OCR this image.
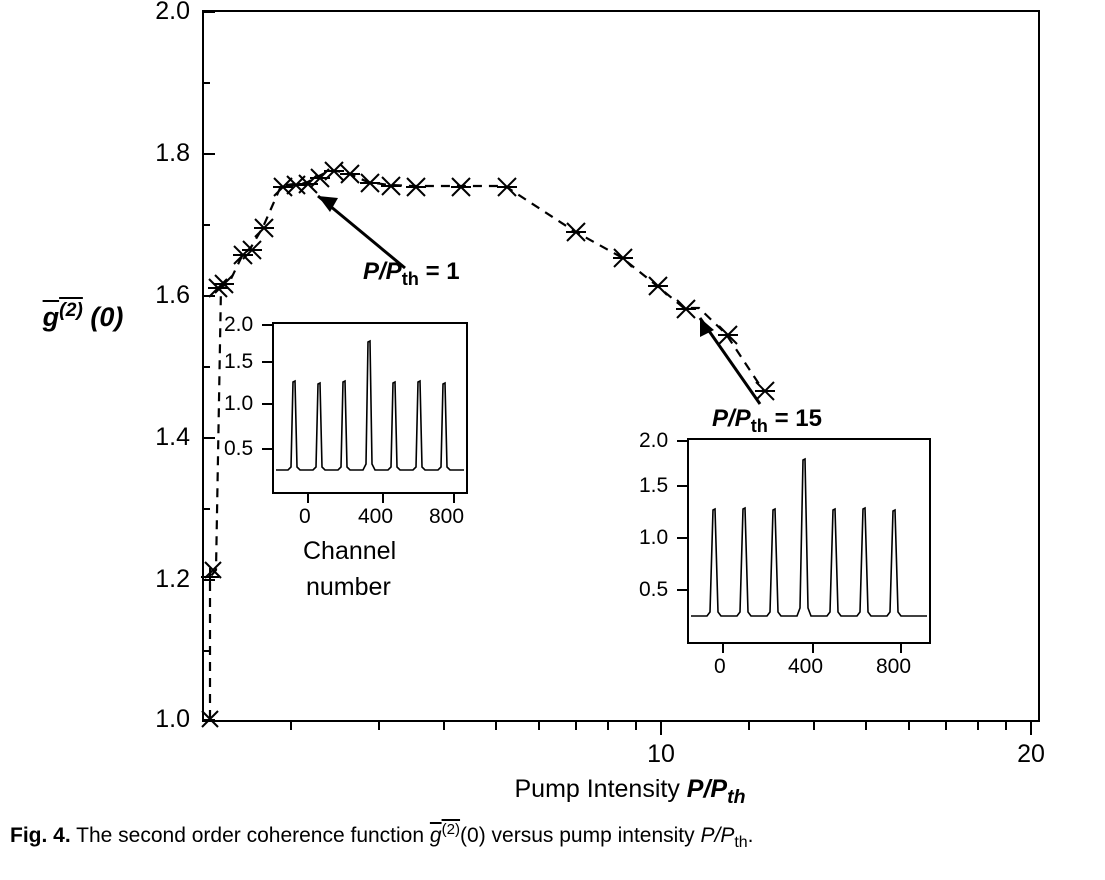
2.0
1.8
1.6
1.4
1.2
1.0
10	20
$g^{(2)}$ (0)
Pump Intensity $P/P_{th}$
$P/P_{th} = 1$
$P/P_{th} = 15$
2.0
1.5
1.0
0.5
0 400 800
Channel
number
2.0
1.5
1.0
0.5
0	400	800
Fig. 4. The second order coherence function $g^{(2)}(0)$ versus pump intensity $P/P_{th}$.
